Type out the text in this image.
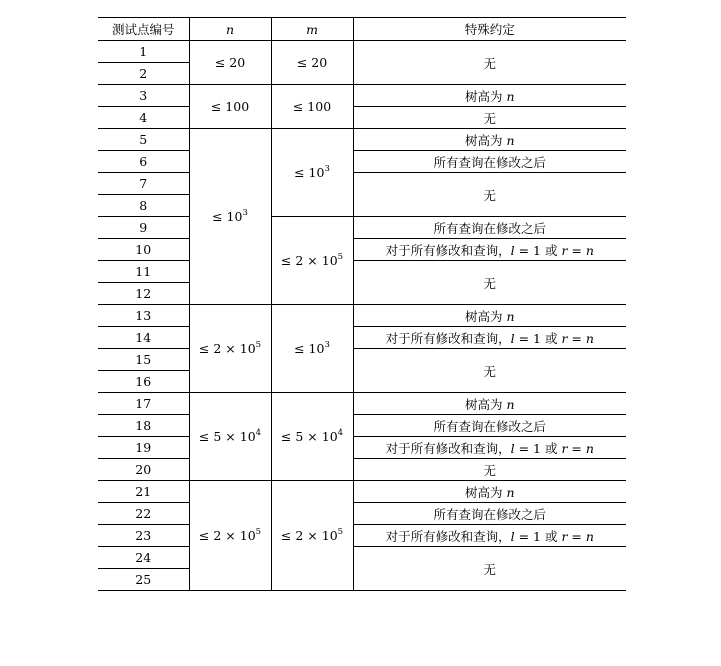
测试点编号	n	m	特殊约定
1	≤ 20	≤ 20	无
2			
3	≤ 100	≤ 100	树高为 n
4			无
5	≤ $10^3$	≤ $10^3$	树高为 n
6			所有查询在修改之后
7			无
8			
9		≤ $2 \times 10^5$	所有查询在修改之后
10			对于所有修改和查询，l = 1 或 r = n
11			无
12			
13	≤ $2 \times 10^5$	≤ $10^3$	树高为 n
14			对于所有修改和查询，l = 1 或 r = n
15			无
16			
17	≤ $5 \times 10^4$	≤ $5 \times 10^4$	树高为 n
18			所有查询在修改之后
19			对于所有修改和查询，l = 1 或 r = n
20			无
21	≤ $2 \times 10^5$	≤ $2 \times 10^5$	树高为 n
22			所有查询在修改之后
23			对于所有修改和查询，l = 1 或 r = n
24			无
25			
